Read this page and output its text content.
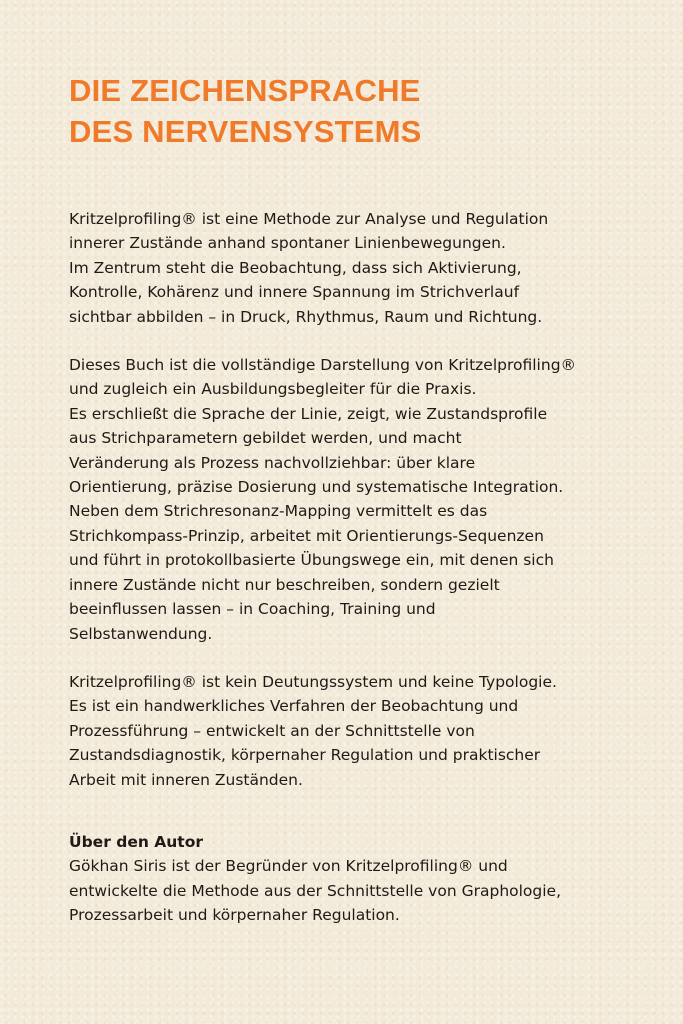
DIE ZEICHENSPRACHE
DES NERVENSYSTEMS

Kritzelprofiling® ist eine Methode zur Analyse und Regulation
innerer Zustände anhand spontaner Linienbewegungen.
Im Zentrum steht die Beobachtung, dass sich Aktivierung,
Kontrolle, Kohärenz und innere Spannung im Strichverlauf
sichtbar abbilden – in Druck, Rhythmus, Raum und Richtung.

Dieses Buch ist die vollständige Darstellung von Kritzelprofiling®
und zugleich ein Ausbildungsbegleiter für die Praxis.
Es erschließt die Sprache der Linie, zeigt, wie Zustandsprofile
aus Strichparametern gebildet werden, und macht
Veränderung als Prozess nachvollziehbar: über klare
Orientierung, präzise Dosierung und systematische Integration.
Neben dem Strichresonanz-Mapping vermittelt es das
Strichkompass-Prinzip, arbeitet mit Orientierungs-Sequenzen
und führt in protokollbasierte Übungswege ein, mit denen sich
innere Zustände nicht nur beschreiben, sondern gezielt
beeinflussen lassen – in Coaching, Training und
Selbstanwendung.

Kritzelprofiling® ist kein Deutungssystem und keine Typologie.
Es ist ein handwerkliches Verfahren der Beobachtung und
Prozessführung – entwickelt an der Schnittstelle von
Zustandsdiagnostik, körpernaher Regulation und praktischer
Arbeit mit inneren Zuständen.

Über den Autor
Gökhan Siris ist der Begründer von Kritzelprofiling® und
entwickelte die Methode aus der Schnittstelle von Graphologie,
Prozessarbeit und körpernaher Regulation.
